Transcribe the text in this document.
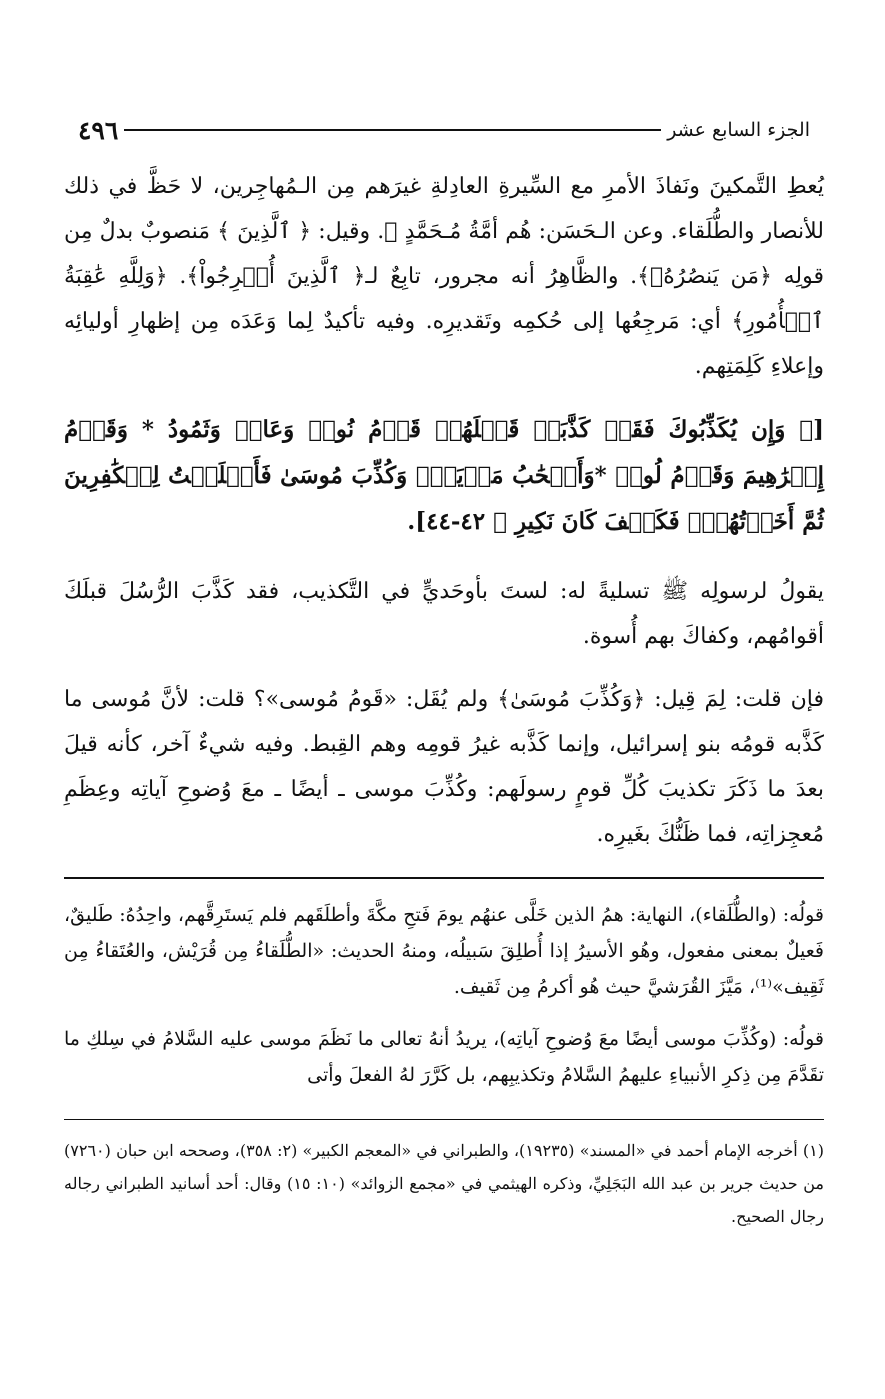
الجزء السابع عشر
٤٩٦

يُعطِ التَّمكينَ ونَفاذَ الأمرِ مع السِّيرةِ العادِلةِ غيرَهم مِن الـمُهاجِرين، لا حَظَّ في ذلك للأنصار والطُّلَقاء. وعن الـحَسَن: هُم أمَّةُ مُـحَمَّدٍ ﷺ. وقيل: ﴿ ٱلَّذِينَ ﴾ مَنصوبٌ بدلٌ مِن قولِه ﴿مَن يَنصُرُهُۥ﴾. والظَّاهِرُ أنه مجرور، تابِعٌ لـ﴿ ٱلَّذِينَ أُخۡرِجُواْ﴾. ﴿وَلِلَّهِ عَٰقِبَةُ ٱلۡأُمُورِ﴾ أي: مَرجِعُها إلى حُكمِه وتَقديرِه. وفيه تأكيدٌ لِما وَعَدَه مِن إظهارِ أوليائِه وإعلاءِ كَلِمَتِهم.

[﴿ وَإِن يُكَذِّبُوكَ فَقَدۡ كَذَّبَتۡ قَبۡلَهُمۡ قَوۡمُ نُوحٖ وَعَادٞ وَثَمُودُ * وَقَوۡمُ إِبۡرَٰهِيمَ وَقَوۡمُ لُوطٖ *وَأَصۡحَٰبُ مَدۡيَنَۖ وَكُذِّبَ مُوسَىٰ فَأَمۡلَيۡتُ لِلۡكَٰفِرِينَ ثُمَّ أَخَذۡتُهُمۡۖ فَكَيۡفَ كَانَ نَكِيرِ ﴾ ٤٢-٤٤].

يقولُ لرسولِه ﷺ تسليةً له: لستَ بأوحَديٍّ في التَّكذيب، فقد كَذَّبَ الرُّسُلَ قبلَكَ أقوامُهم، وكفاكَ بهم أُسوة.

فإن قلت: لِمَ قِيل: ﴿وَكُذِّبَ مُوسَىٰ﴾ ولم يُقَل: «قَومُ مُوسى»؟ قلت: لأنَّ مُوسى ما كَذَّبه قومُه بنو إسرائيل، وإنما كَذَّبه غيرُ قومِه وهم القِبط. وفيه شيءٌ آخر، كأنه قيلَ بعدَ ما ذَكَرَ تكذيبَ كُلِّ قومٍ رسولَهم: وكُذِّبَ موسى ـ أيضًا ـ معَ وُضوحِ آياتِه وعِظَمِ مُعجِزاتِه، فما ظَنُّكَ بغَيرِه.

قولُه: (والطُّلَقاء)، النهاية: همُ الذين خَلَّى عنهُم يومَ فَتحِ مكَّةَ وأطلَقَهم فلم يَستَرِقَّهم، واحِدُهُ: طَليقٌ، فَعيلٌ بمعنى مفعول، وهُو الأسيرُ إذا أُطلِقَ سَبيلُه، ومنهُ الحديث: «الطُّلَقاءُ مِن قُرَيْش، والعُتَقاءُ مِن ثَقِيف»⁽¹⁾، مَيَّزَ القُرَشيَّ حيث هُو أكرمُ مِن ثَقيف.

قولُه: (وكُذِّبَ موسى أيضًا معَ وُضوحِ آياتِه)، يريدُ أنهُ تعالى ما نَظَمَ موسى عليه السَّلامُ في سِلكِ ما تقَدَّمَ مِن ذِكرِ الأنبياءِ عليهمُ السَّلامُ وتكذيبِهم، بل كَرَّرَ لهُ الفعلَ وأتى

(١) أخرجه الإمام أحمد في «المسند» (١٩٢٣٥)، والطبراني في «المعجم الكبير» (٢: ٣٥٨)، وصححه ابن حبان (٧٢٦٠) من حديث جرير بن عبد الله البَجَلِيِّ، وذكره الهيثمي في «مجمع الزوائد» (١٠: ١٥) وقال: أحد أسانيد الطبراني رجاله رجال الصحيح.
